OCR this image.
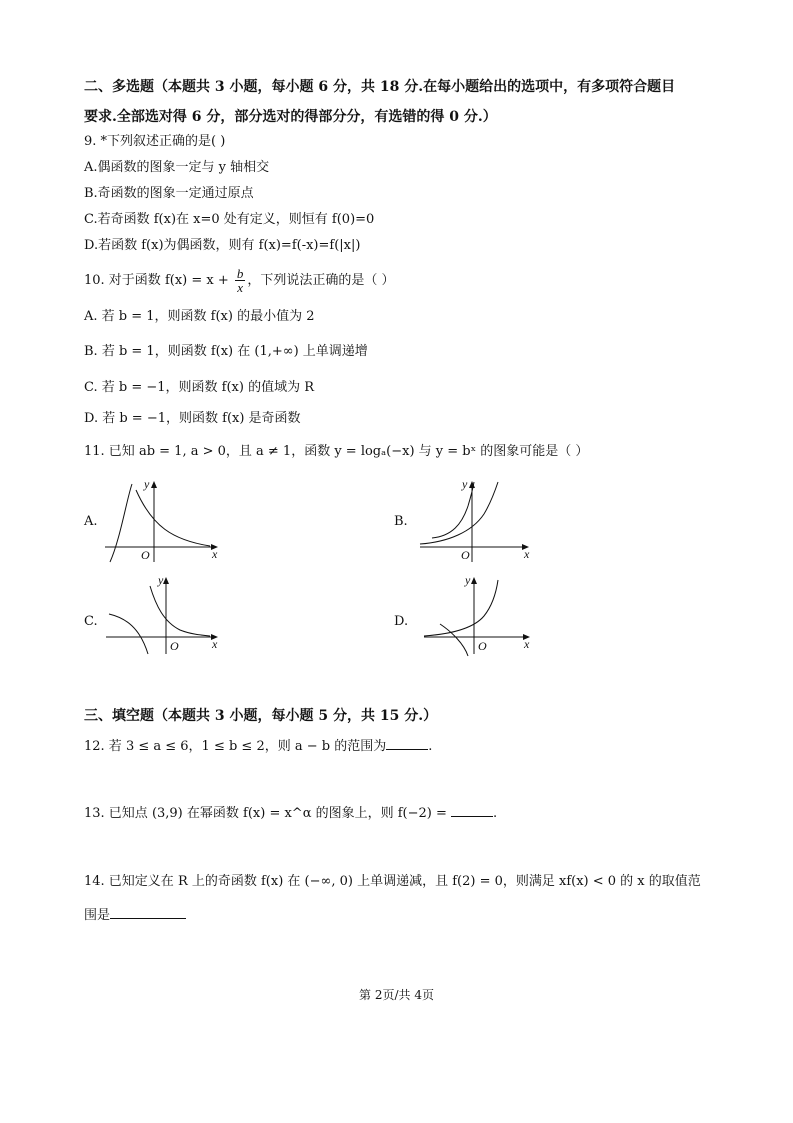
二、多选题（本题共 3 小题，每小题 6 分，共 18 分.在每小题给出的选项中，有多项符合题目
要求.全部选对得 6 分，部分选对的得部分分，有选错的得 0 分.）
9. *下列叙述正确的是( )
A.偶函数的图象一定与 y 轴相交
B.奇函数的图象一定通过原点
C.若奇函数 f(x)在 x=0 处有定义，则恒有 f(0)=0
D.若函数 f(x)为偶函数，则有 f(x)=f(-x)=f(|x|)
10. 对于函数 $f(x) = x + \frac{b}{x}$ ，下列说法正确的是（ ）
A. 若 b = 1，则函数 f(x) 的最小值为 2
B. 若 b = 1，则函数 f(x) 在 (1,+∞) 上单调递增
C. 若 b = −1，则函数 f(x) 的值域为 R
D. 若 b = −1，则函数 f(x) 是奇函数
11. 已知 ab = 1, a > 0，且 a ≠ 1，函数 y = logₐ(−x) 与 y = bˣ 的图象可能是（ ）
A.
x
y
O
B.
x
y
O
C.
x
y
O
D.
x
y
O
三、填空题（本题共 3 小题，每小题 5 分，共 15 分.）
12. 若 3 ≤ a ≤ 6，1 ≤ b ≤ 2，则 a − b 的范围为	.
13. 已知点 (3,9) 在幂函数 f(x) = x^α 的图象上，则 f(−2) =	.
14. 已知定义在 R 上的奇函数 f(x) 在 (−∞, 0) 上单调递减，且 f(2) = 0，则满足 xf(x) < 0 的 x 的取值范
围是
第 2页/共 4页
